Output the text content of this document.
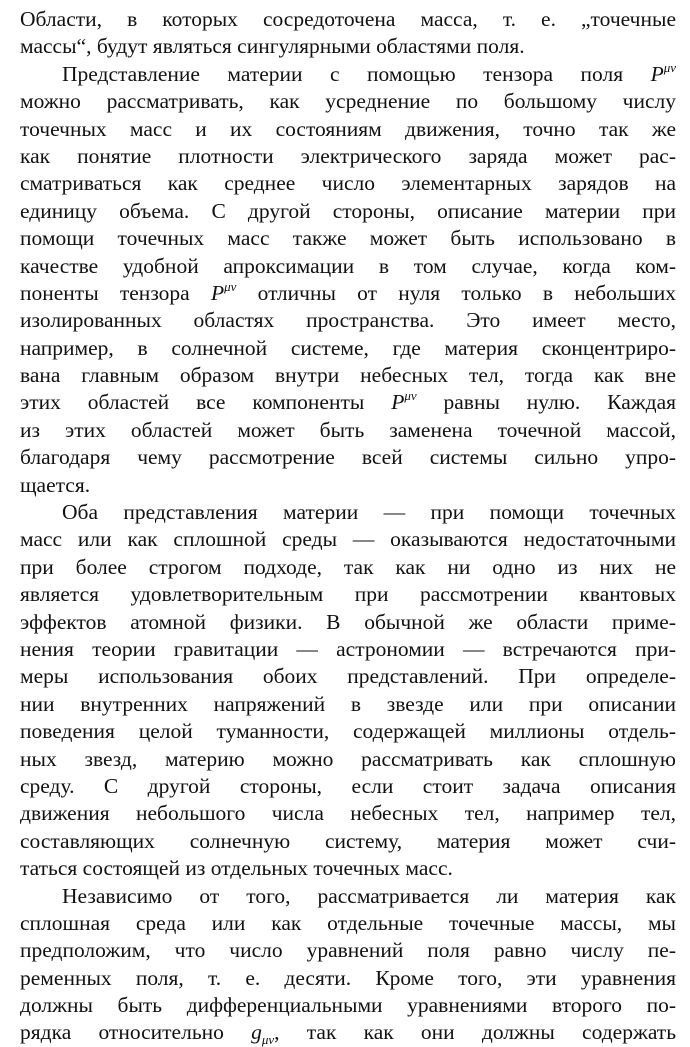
Области, в которых сосредоточена масса, т. е. „точечные
массы“, будут являться сингулярными областями поля.
Представление материи с помощью тензора поля $P^{\mu\nu}$
можно рассматривать, как усреднение по большому числу
точечных масс и их состояниям движения, точно так же
как понятие плотности электрического заряда может рас-
сматриваться как среднее число элементарных зарядов на
единицу объема. С другой стороны, описание материи при
помощи точечных масс также может быть использовано в
качестве удобной апроксимации в том случае, когда ком-
поненты тензора $P^{\mu\nu}$ отличны от нуля только в небольших
изолированных областях пространства. Это имеет место,
например, в солнечной системе, где материя сконцентриро-
вана главным образом внутри небесных тел, тогда как вне
этих областей все компоненты $P^{\mu\nu}$ равны нулю. Каждая
из этих областей может быть заменена точечной массой,
благодаря чему рассмотрение всей системы сильно упро-
щается.
Оба представления материи — при помощи точечных
масс или как сплошной среды — оказываются недостаточными
при более строгом подходе, так как ни одно из них не
является удовлетворительным при рассмотрении квантовых
эффектов атомной физики. В обычной же области приме-
нения теории гравитации — астрономии — встречаются при-
меры использования обоих представлений. При определе-
нии внутренних напряжений в звезде или при описании
поведения целой туманности, содержащей миллионы отдель-
ных звезд, материю можно рассматривать как сплошную
среду. С другой стороны, если стоит задача описания
движения небольшого числа небесных тел, например тел,
составляющих солнечную систему, материя может счи-
таться состоящей из отдельных точечных масс.
Независимо от того, рассматривается ли материя как
сплошная среда или как отдельные точечные массы, мы
предположим, что число уравнений поля равно числу пе-
ременных поля, т. е. десяти. Кроме того, эти уравнения
должны быть дифференциальными уравнениями второго по-
рядка относительно $g_{\mu\nu}$, так как они должны содержать
